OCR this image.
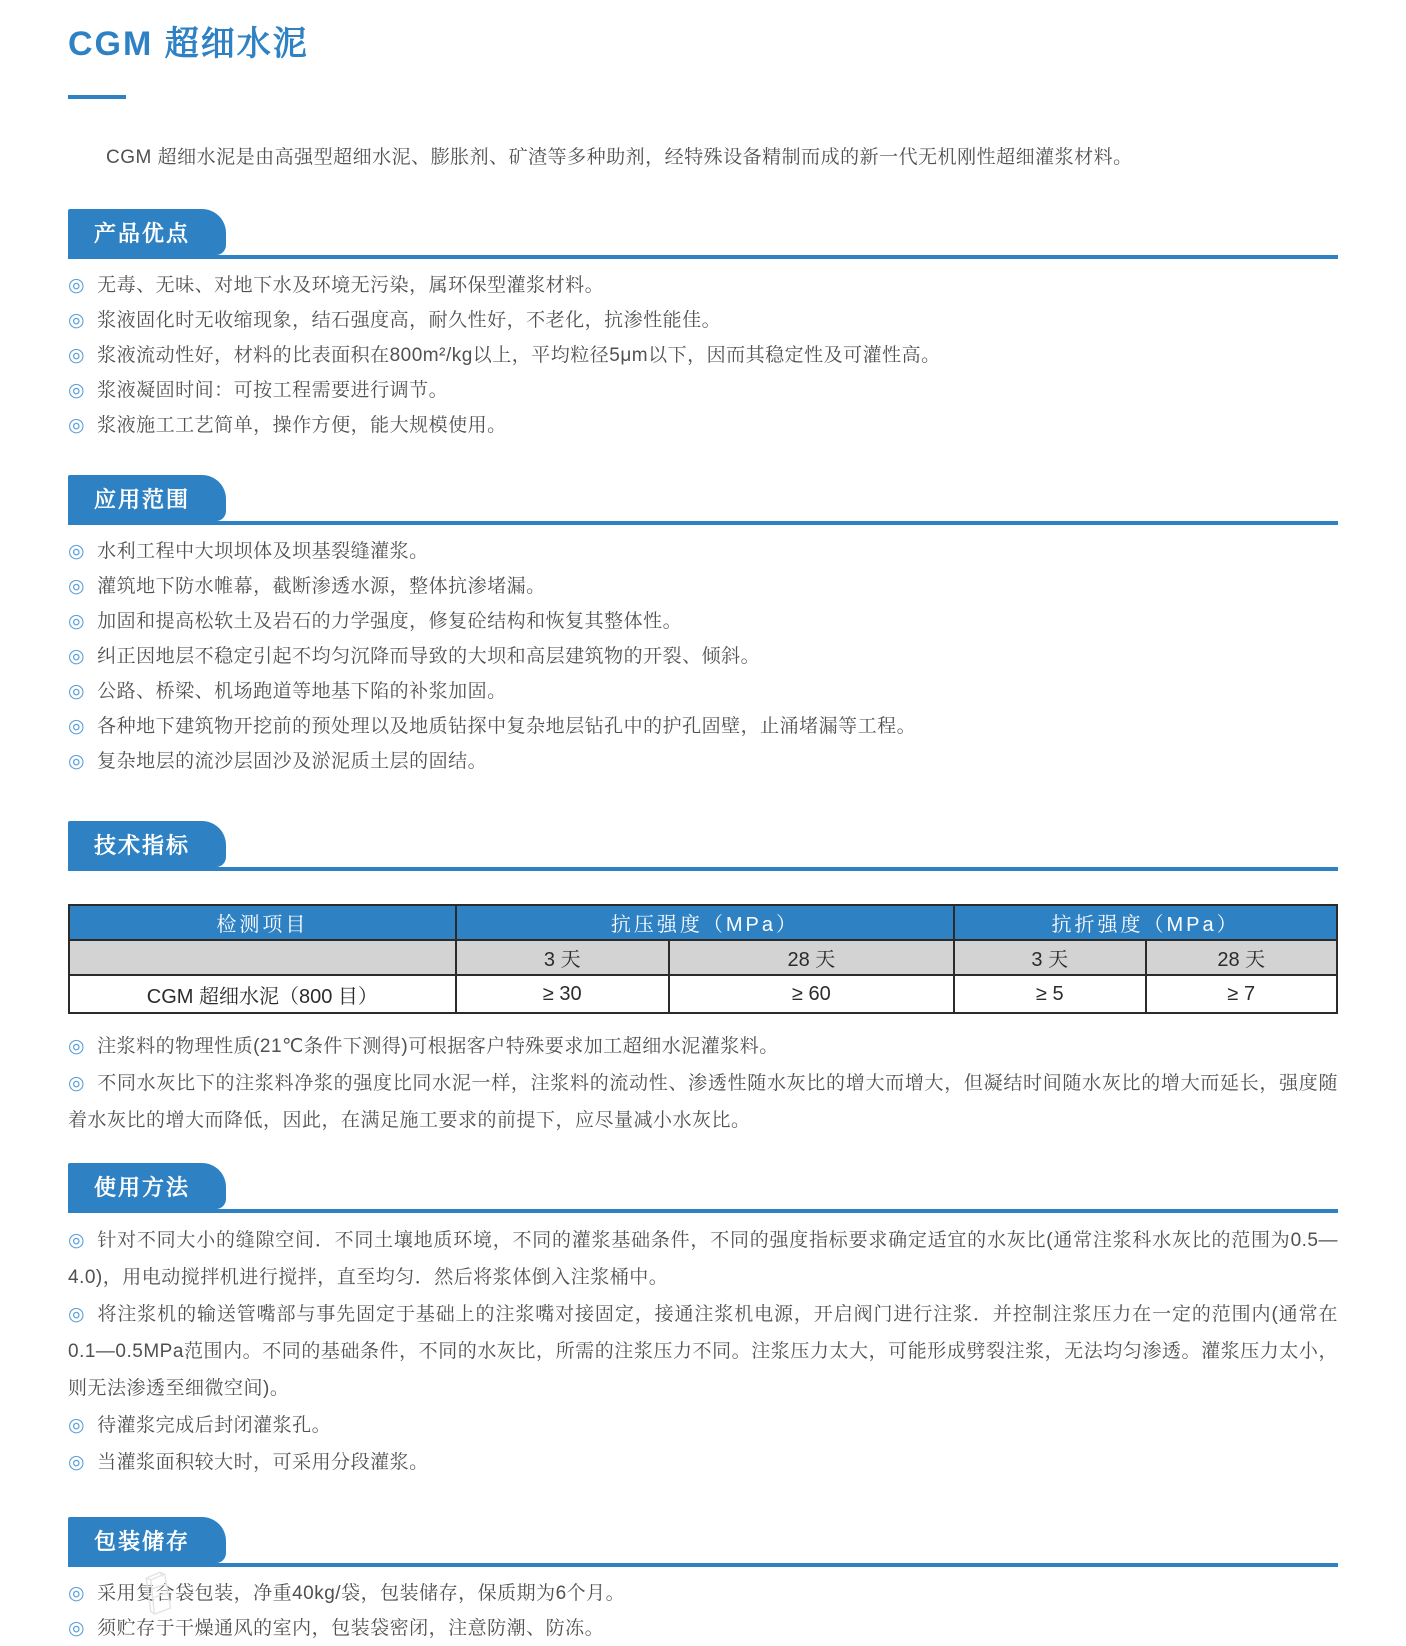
CGM 超细水泥

CGM 超细水泥是由高强型超细水泥、膨胀剂、矿渣等多种助剂，经特殊设备精制而成的新一代无机刚性超细灌浆材料。

产品优点

◎ 无毒、无味、对地下水及环境无污染，属环保型灌浆材料。

◎ 浆液固化时无收缩现象，结石强度高，耐久性好，不老化，抗渗性能佳。

◎ 浆液流动性好，材料的比表面积在800m²/kg以上，平均粒径5μm以下，因而其稳定性及可灌性高。

◎ 浆液凝固时间：可按工程需要进行调节。

◎ 浆液施工工艺简单，操作方便，能大规模使用。

应用范围

◎ 水利工程中大坝坝体及坝基裂缝灌浆。

◎ 灌筑地下防水帷幕，截断渗透水源，整体抗渗堵漏。

◎ 加固和提高松软土及岩石的力学强度，修复砼结构和恢复其整体性。

◎ 纠正因地层不稳定引起不均匀沉降而导致的大坝和高层建筑物的开裂、倾斜。

◎ 公路、桥梁、机场跑道等地基下陷的补浆加固。

◎ 各种地下建筑物开挖前的预处理以及地质钻探中复杂地层钻孔中的护孔固壁，止涌堵漏等工程。

◎ 复杂地层的流沙层固沙及淤泥质土层的固结。

技术指标
检测项目	抗压强度（MPa）		抗折强度（MPa）	
	3 天	28 天	3 天	28 天
CGM 超细水泥（800 目）	≥ 30	≥ 60	≥ 5	≥ 7

◎ 注浆料的物理性质(21℃条件下测得)可根据客户特殊要求加工超细水泥灌浆料。

◎ 不同水灰比下的注浆料净浆的强度比同水泥一样，注浆料的流动性、渗透性随水灰比的增大而增大，但凝结时间随水灰比的增大而延长，强度随着水灰比的增大而降低，因此，在满足施工要求的前提下，应尽量减小水灰比。

使用方法

◎ 针对不同大小的缝隙空间．不同土壤地质环境，不同的灌浆基础条件，不同的强度指标要求确定适宜的水灰比(通常注浆科水灰比的范围为0.5—4.0)，用电动搅拌机进行搅拌，直至均匀．然后将浆体倒入注浆桶中。

◎ 将注浆机的输送管嘴部与事先固定于基础上的注浆嘴对接固定，接通注浆机电源，开启阀门进行注浆．并控制注浆压力在一定的范围内(通常在0.1—0.5MPa范围内。不同的基础条件，不同的水灰比，所需的注浆压力不同。注浆压力太大，可能形成劈裂注浆，无法均匀渗透。灌浆压力太小，则无法渗透至细微空间)。

◎ 待灌浆完成后封闭灌浆孔。

◎ 当灌浆面积较大时，可采用分段灌浆。

包装储存

◎ 采用复合袋包装，净重40kg/袋，包装储存，保质期为6个月。

◎ 须贮存于干燥通风的室内，包装袋密闭，注意防潮、防冻。
